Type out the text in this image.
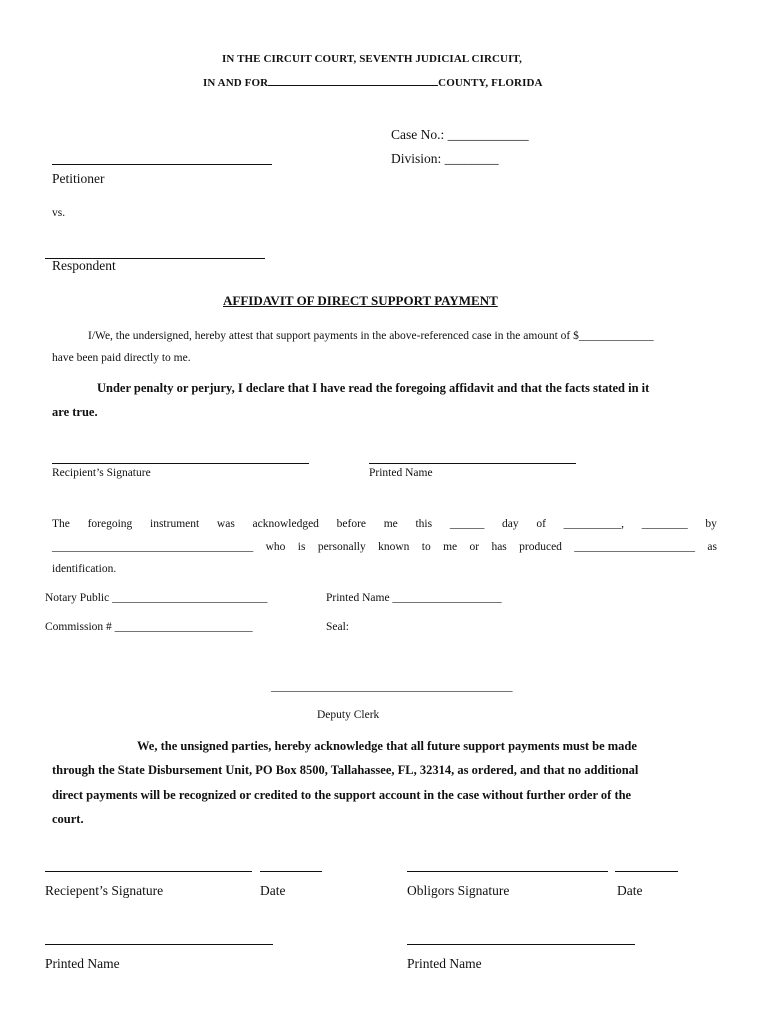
IN THE CIRCUIT COURT, SEVENTH JUDICIAL CIRCUIT,
IN AND FOR	COUNTY, FLORIDA
Case No.: ____________
Division: ________
Petitioner
vs.
Respondent
AFFIDAVIT OF DIRECT SUPPORT PAYMENT
I/We, the undersigned, hereby attest that support payments in the above-referenced case in the amount of $_____________
have been paid directly to me.
Under penalty or perjury, I declare that I have read the foregoing affidavit and that the facts stated in it
are true.
Recipient’s Signature	Printed Name
The foregoing instrument was acknowledged before me this ______ day of __________, ________ by
___________________________________ who is personally known to me or has produced _____________________ as
identification.
Notary Public ___________________________	Printed Name ___________________
Commission # ________________________	Seal:
__________________________________________
Deputy Clerk
We, the unsigned parties, hereby acknowledge that all future support payments must be made
through the State Disbursement Unit, PO Box 8500, Tallahassee, FL, 32314, as ordered, and that no additional
direct payments will be recognized or credited to the support account in the case without further order of the
court.
Reciepent’s Signature	Date	Obligors Signature	Date
Printed Name	Printed Name
